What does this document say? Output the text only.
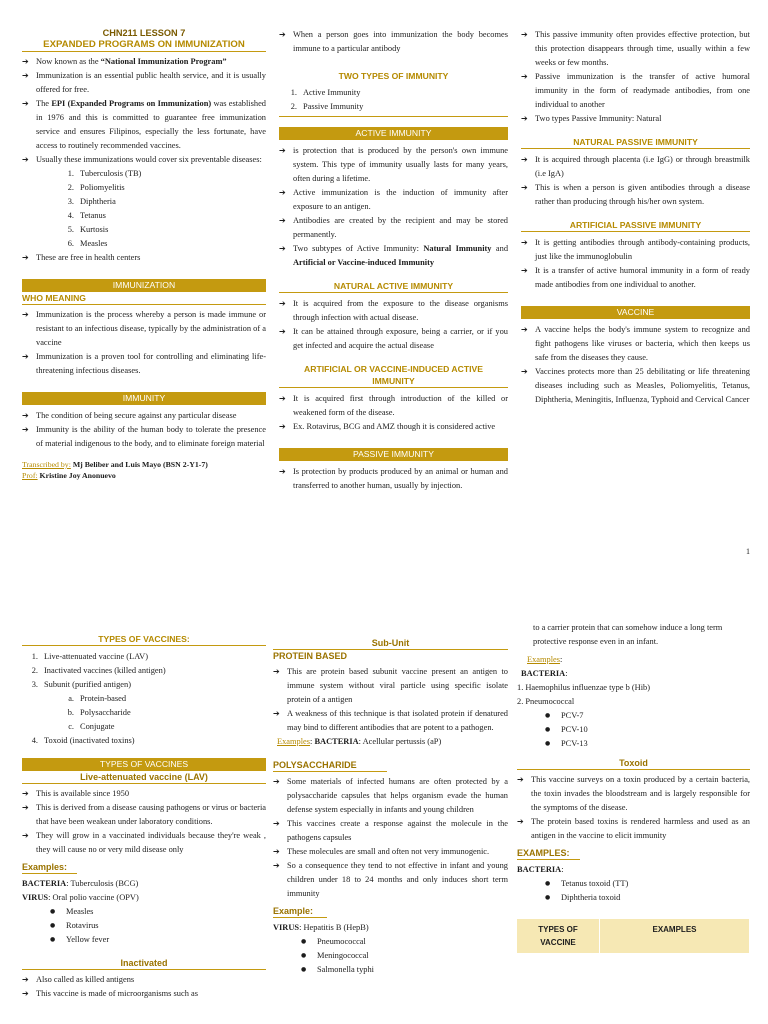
CHN211 LESSON 7
EXPANDED PROGRAMS ON IMMUNIZATION
➔ Now known as the “National Immunization Program”
➔ Immunization is an essential public health service, and it is usually offered for free.
➔ The EPI (Expanded Programs on Immunization) was established in 1976 and this is committed to guarantee free immunization service and ensures Filipinos, especially the less fortunate, have access to routinely recommended vaccines.
➔ Usually these immunizations would cover six preventable diseases:
1. Tuberculosis (TB)
2. Poliomyelitis
3. Diphtheria
4. Tetanus
5. Kurtosis
6. Measles
➔ These are free in health centers
IMMUNIZATION
WHO MEANING
➔ Immunization is the process whereby a person is made immune or resistant to an infectious disease, typically by the administration of a vaccine
➔ Immunization is a proven tool for controlling and eliminating life-threatening infectious diseases.
IMMUNITY
➔ The condition of being secure against any particular disease
➔ Immunity is the ability of the human body to tolerate the presence of material indigenous to the body, and to eliminate foreign material
Transcribed by: Mj Beliber and Luis Mayo (BSN 2-Y1-7)
Prof: Kristine Joy Anonuevo
➔ When a person goes into immunization the body becomes immune to a particular antibody
TWO TYPES OF IMMUNITY
1. Active Immunity
2. Passive Immunity
ACTIVE IMMUNITY
➔ is protection that is produced by the person's own immune system. This type of immunity usually lasts for many years, often during a lifetime.
➔ Active immunization is the induction of immunity after exposure to an antigen.
➔ Antibodies are created by the recipient and may be stored permanently.
➔ Two subtypes of Active Immunity: Natural Immunity and Artificial or Vaccine-induced Immunity
NATURAL ACTIVE IMMUNITY
➔ It is acquired from the exposure to the disease organisms through infection with actual disease.
➔ It can be attained through exposure, being a carrier, or if you get infected and acquire the actual disease
ARTIFICIAL OR VACCINE-INDUCED ACTIVE IMMUNITY
➔ It is acquired first through introduction of the killed or weakened form of the disease.
➔ Ex. Rotavirus, BCG and AMZ though it is considered active
PASSIVE IMMUNITY
➔ Is protection by products produced by an animal or human and transferred to another human, usually by injection.
➔ This passive immunity often provides effective protection, but this protection disappears through time, usually within a few weeks or few months.
➔ Passive immunization is the transfer of active humoral immunity in the form of readymade antibodies, from one individual to another
➔ Two types Passive Immunity: Natural
NATURAL PASSIVE IMMUNITY
➔ It is acquired through placenta (i.e IgG) or through breastmilk (i.e IgA)
➔ This is when a person is given antibodies through a disease rather than producing through his/her own system.
ARTIFICIAL PASSIVE IMMUNITY
➔ It is getting antibodies through antibody-containing products, just like the immunoglobulin
➔ It is a transfer of active humoral immunity in a form of ready made antibodies from one individual to another.
VACCINE
➔ A vaccine helps the body's immune system to recognize and fight pathogens like viruses or bacteria, which then keeps us safe from the diseases they cause.
➔ Vaccines protects more than 25 debilitating or life threatening diseases including such as Measles, Poliomyelitis, Tetanus, Diphtheria, Meningitis, Influenza, Typhoid and Cervical Cancer
1
TYPES OF VACCINES:
1. Live-attenuated vaccine (LAV)
2. Inactivated vaccines (killed antigen)
3. Subunit (purified antigen)
a. Protein-based
b. Polysaccharide
c. Conjugate
4. Toxoid (inactivated toxins)
TYPES OF VACCINES
Live-attenuated vaccine (LAV)
➔ This is available since 1950
➔ This is derived from a disease causing pathogens or virus or bacteria that have been weakean under laboratory conditions.
➔ They will grow in a vaccinated individuals because they're weak , they will cause no or very mild disease only
Examples:
BACTERIA: Tuberculosis (BCG)
VIRUS: Oral polio vaccine (OPV)
●	Measles
●	Rotavirus
●	Yellow fever
Inactivated
➔ Also called as killed antigens
➔ This vaccine is made of microorganisms such as
Sub-Unit
PROTEIN BASED
➔ This are protein based subunit vaccine present an antigen to immune system without viral particle using specific isolate protein of a antigen
➔ A weakness of this technique is that isolated protein if denatured may bind to different antibodies that are potent to a pathogen.
Examples: BACTERIA: Acellular pertussis (aP)
POLYSACCHARIDE
➔ Some materials of infected humans are often protected by a polysaccharide capsules that helps organism evade the human defense system especially in infants and young children
➔ This vaccines create a response against the molecule in the pathogens capsules
➔ These molecules are small and often not very immunogenic.
➔ So a consequence they tend to not effective in infant and young children under 18 to 24 months and only induces short term immunity
Example:
VIRUS: Hepatitis B (HepB)
●	Pneumococcal
●	Meningococcal
●	Salmonella typhi
to a carrier protein that can somehow induce a long term protective response even in an infant.
Examples:
BACTERIA:
1. Haemophilus influenzae type b (Hib)
2. Pneumococcal
●	PCV-7
●	PCV-10
●	PCV-13
Toxoid
➔ This vaccine surveys on a toxin produced by a certain bacteria, the toxin invades the bloodstream and is largely responsible for the symptoms of the disease.
➔ The protein based toxins is rendered harmless and used as an antigen in the vaccine to elicit immunity
EXAMPLES:
BACTERIA:
●	Tetanus toxoid (TT)
●	Diphtheria toxoid
TYPES OF VACCINE	EXAMPLES
